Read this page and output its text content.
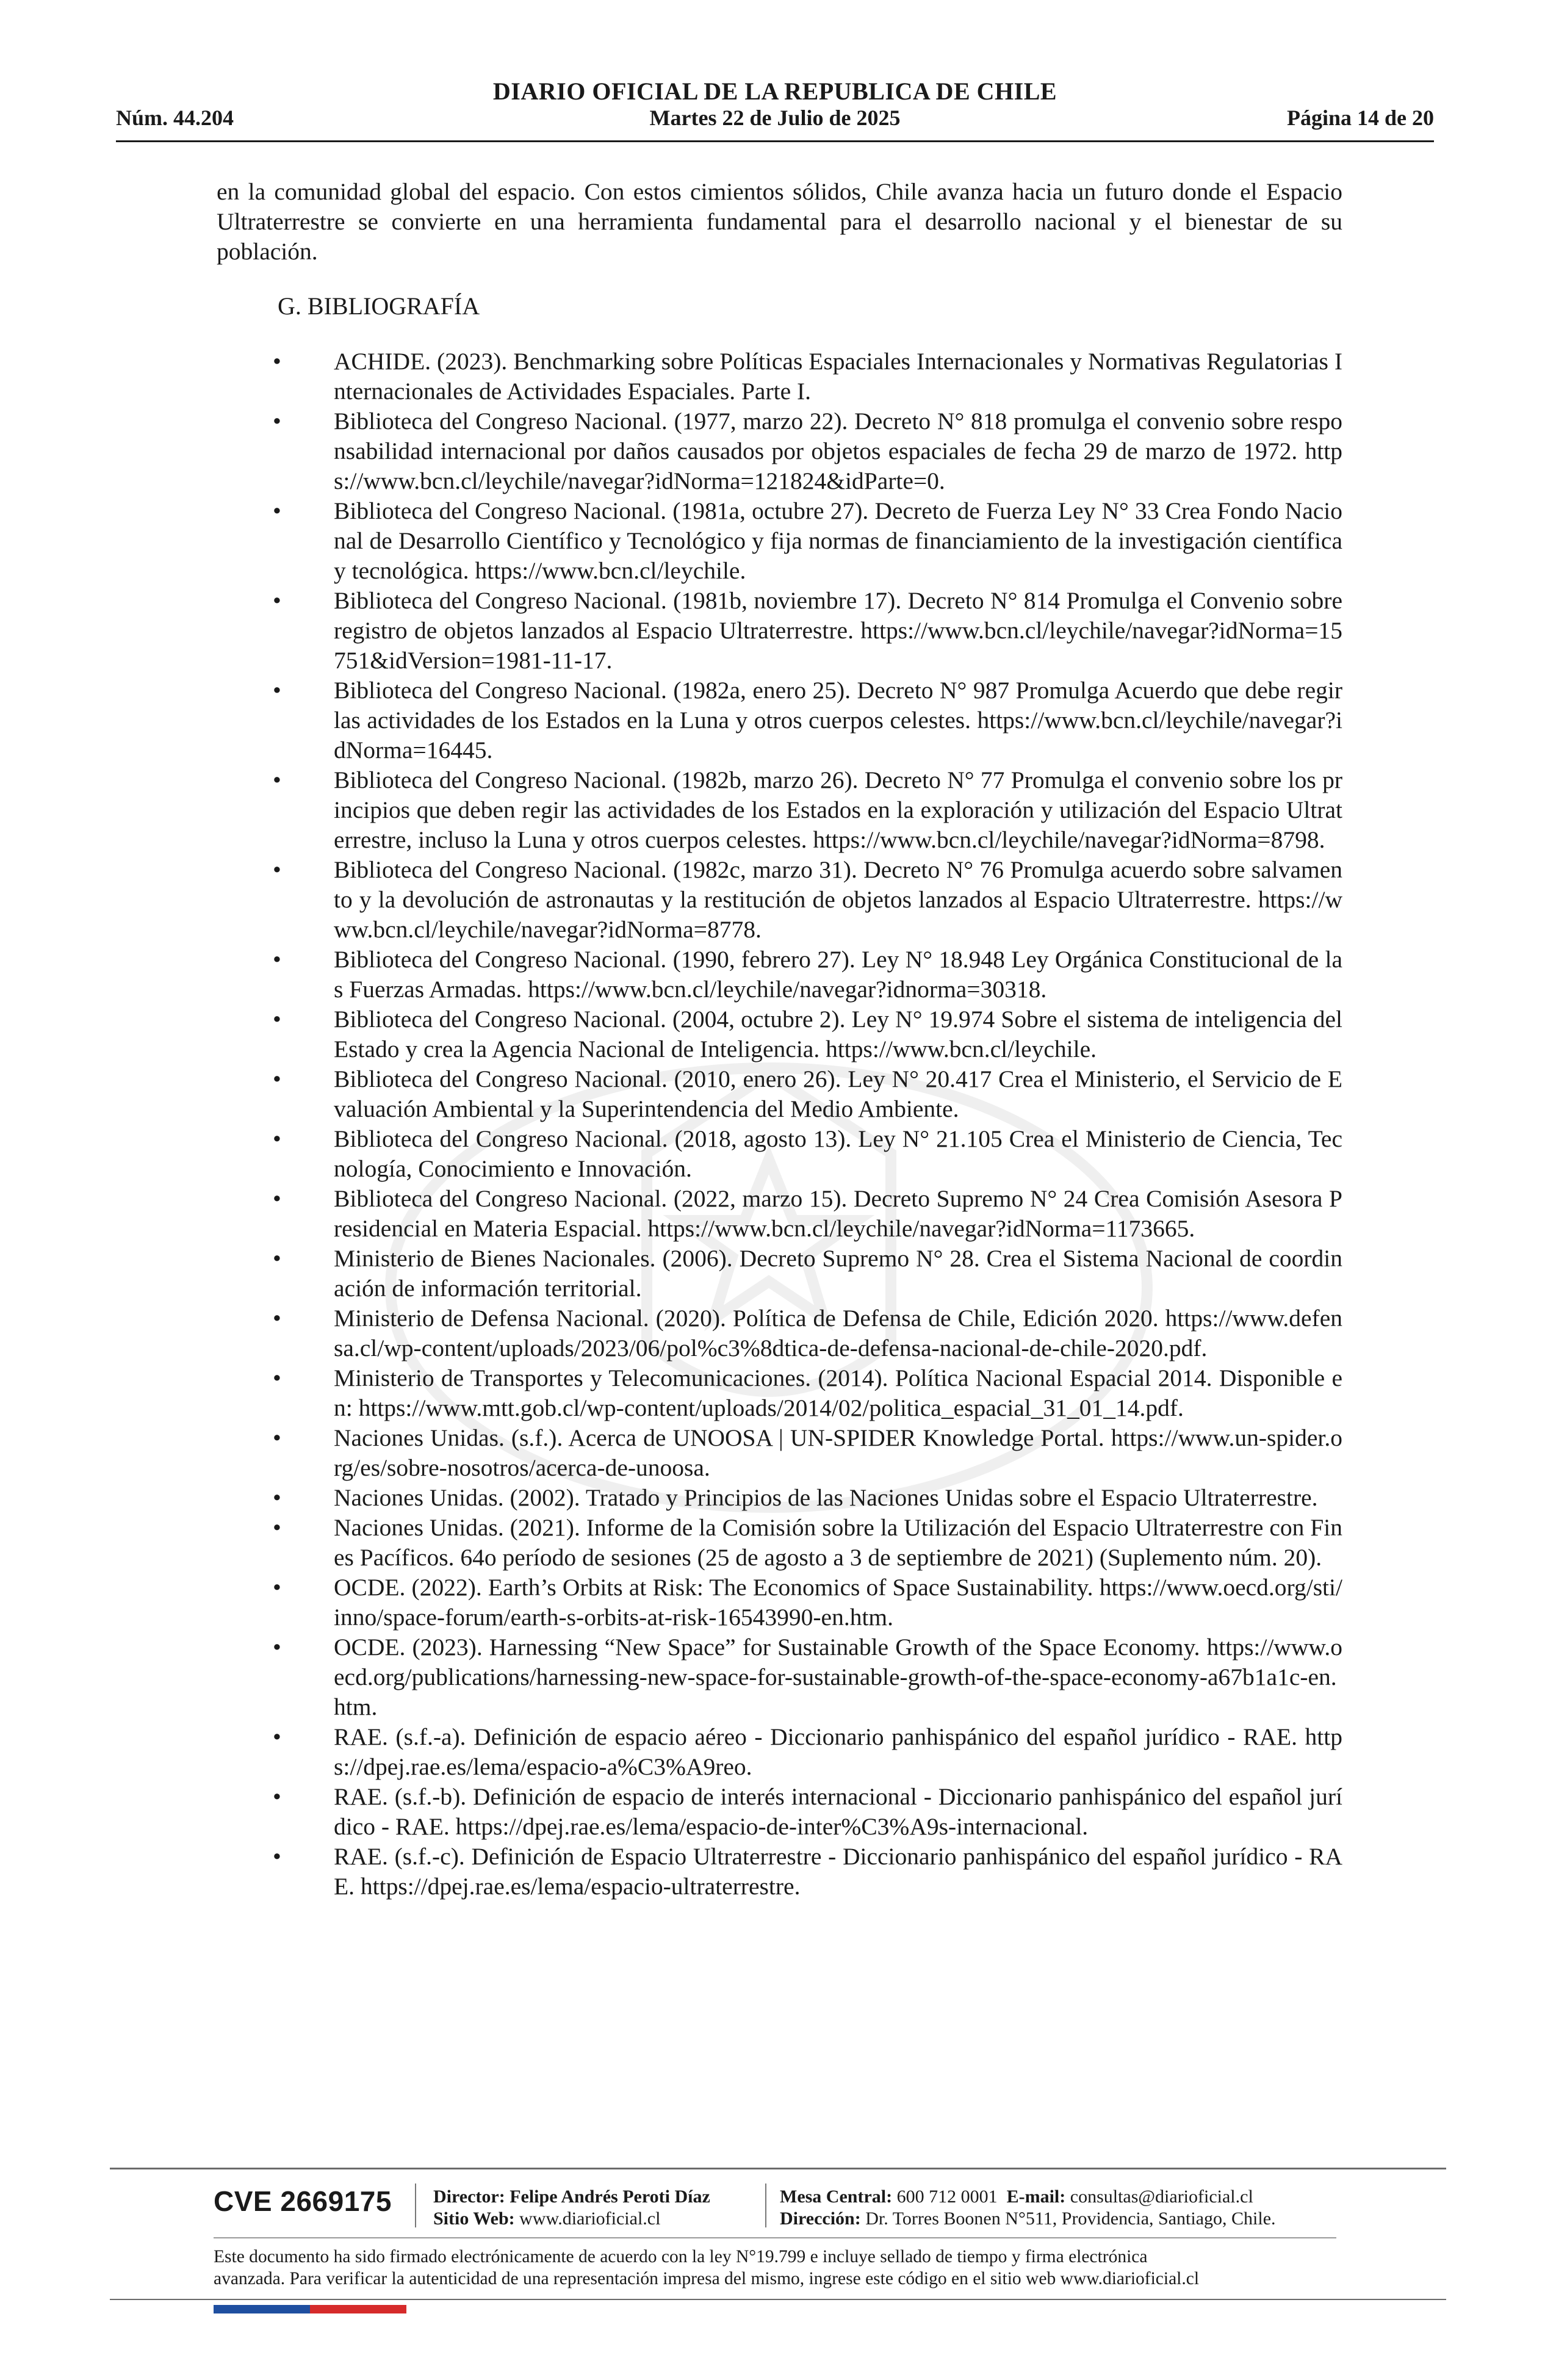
Núm. 44.204
DIARIO OFICIAL DE LA REPUBLICA DE CHILE
Martes 22 de Julio de 2025	Página 14 de 20

en la comunidad global del espacio. Con estos cimientos sólidos, Chile avanza hacia un futuro donde el Espacio Ultraterrestre se convierte en una herramienta fundamental para el desarrollo nacional y el bienestar de su población.

G. BIBLIOGRAFÍA
• ACHIDE. (2023). Benchmarking sobre Políticas Espaciales Internacionales y Normativas Regulatorias Internacionales de Actividades Espaciales. Parte I.
• Biblioteca del Congreso Nacional. (1977, marzo 22). Decreto N° 818 promulga el convenio sobre responsabilidad internacional por daños causados por objetos espaciales de fecha 29 de marzo de 1972. https://www.bcn.cl/leychile/navegar?idNorma=121824&idParte=0.
• Biblioteca del Congreso Nacional. (1981a, octubre 27). Decreto de Fuerza Ley N° 33 Crea Fondo Nacional de Desarrollo Científico y Tecnológico y fija normas de financiamiento de la investigación científica y tecnológica. https://www.bcn.cl/leychile.
• Biblioteca del Congreso Nacional. (1981b, noviembre 17). Decreto N° 814 Promulga el Convenio sobre registro de objetos lanzados al Espacio Ultraterrestre. https://www.bcn.cl/leychile/navegar?idNorma=15751&idVersion=1981-11-17.
• Biblioteca del Congreso Nacional. (1982a, enero 25). Decreto N° 987 Promulga Acuerdo que debe regir las actividades de los Estados en la Luna y otros cuerpos celestes. https://www.bcn.cl/leychile/navegar?idNorma=16445.
• Biblioteca del Congreso Nacional. (1982b, marzo 26). Decreto N° 77 Promulga el convenio sobre los principios que deben regir las actividades de los Estados en la exploración y utilización del Espacio Ultraterrestre, incluso la Luna y otros cuerpos celestes. https://www.bcn.cl/leychile/navegar?idNorma=8798.
• Biblioteca del Congreso Nacional. (1982c, marzo 31). Decreto N° 76 Promulga acuerdo sobre salvamento y la devolución de astronautas y la restitución de objetos lanzados al Espacio Ultraterrestre. https://www.bcn.cl/leychile/navegar?idNorma=8778.
• Biblioteca del Congreso Nacional. (1990, febrero 27). Ley N° 18.948 Ley Orgánica Constitucional de las Fuerzas Armadas. https://www.bcn.cl/leychile/navegar?idnorma=30318.
• Biblioteca del Congreso Nacional. (2004, octubre 2). Ley N° 19.974 Sobre el sistema de inteligencia del Estado y crea la Agencia Nacional de Inteligencia. https://www.bcn.cl/leychile.
• Biblioteca del Congreso Nacional. (2010, enero 26). Ley N° 20.417 Crea el Ministerio, el Servicio de Evaluación Ambiental y la Superintendencia del Medio Ambiente.
• Biblioteca del Congreso Nacional. (2018, agosto 13). Ley N° 21.105 Crea el Ministerio de Ciencia, Tecnología, Conocimiento e Innovación.
• Biblioteca del Congreso Nacional. (2022, marzo 15). Decreto Supremo N° 24 Crea Comisión Asesora Presidencial en Materia Espacial. https://www.bcn.cl/leychile/navegar?idNorma=1173665.
• Ministerio de Bienes Nacionales. (2006). Decreto Supremo N° 28. Crea el Sistema Nacional de coordinación de información territorial.
• Ministerio de Defensa Nacional. (2020). Política de Defensa de Chile, Edición 2020. https://www.defensa.cl/wp-content/uploads/2023/06/pol%c3%8dtica-de-defensa-nacional-de-chile-2020.pdf.
• Ministerio de Transportes y Telecomunicaciones. (2014). Política Nacional Espacial 2014. Disponible en: https://www.mtt.gob.cl/wp-content/uploads/2014/02/politica_espacial_31_01_14.pdf.
• Naciones Unidas. (s.f.). Acerca de UNOOSA | UN-SPIDER Knowledge Portal. https://www.un-spider.org/es/sobre-nosotros/acerca-de-unoosa.
• Naciones Unidas. (2002). Tratado y Principios de las Naciones Unidas sobre el Espacio Ultraterrestre.
• Naciones Unidas. (2021). Informe de la Comisión sobre la Utilización del Espacio Ultraterrestre con Fines Pacíficos. 64o período de sesiones (25 de agosto a 3 de septiembre de 2021) (Suplemento núm. 20).
• OCDE. (2022). Earth’s Orbits at Risk: The Economics of Space Sustainability. https://www.oecd.org/sti/inno/space-forum/earth-s-orbits-at-risk-16543990-en.htm.
• OCDE. (2023). Harnessing “New Space” for Sustainable Growth of the Space Economy. https://www.oecd.org/publications/harnessing-new-space-for-sustainable-growth-of-the-space-economy-a67b1a1c-en.htm.
• RAE. (s.f.-a). Definición de espacio aéreo - Diccionario panhispánico del español jurídico - RAE. https://dpej.rae.es/lema/espacio-a%C3%A9reo.
• RAE. (s.f.-b). Definición de espacio de interés internacional - Diccionario panhispánico del español jurídico - RAE. https://dpej.rae.es/lema/espacio-de-inter%C3%A9s-internacional.
• RAE. (s.f.-c). Definición de Espacio Ultraterrestre - Diccionario panhispánico del español jurídico - RAE. https://dpej.rae.es/lema/espacio-ultraterrestre.
CVE 2669175 Director: Felipe Andrés Peroti Díaz
Sitio Web: www.diarioficial.cl
Mesa Central: 600 712 0001 E-mail: consultas@diarioficial.cl
Dirección: Dr. Torres Boonen N°511, Providencia, Santiago, Chile.
Este documento ha sido firmado electrónicamente de acuerdo con la ley N°19.799 e incluye sellado de tiempo y firma electrónica
avanzada. Para verificar la autenticidad de una representación impresa del mismo, ingrese este código en el sitio web www.diarioficial.cl
